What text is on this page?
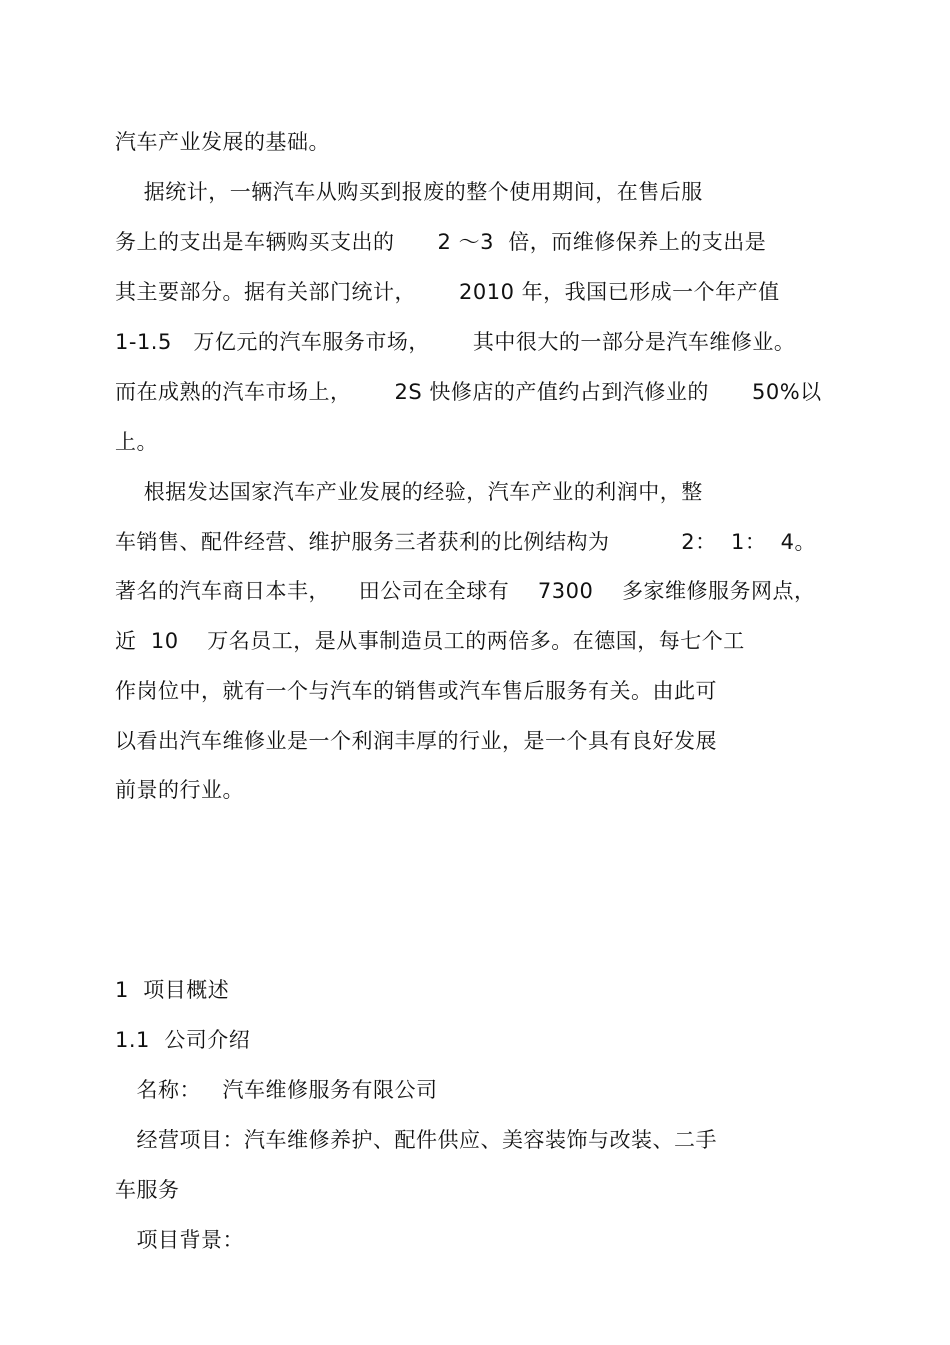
汽车产业发展的基础。
据统计，一辆汽车从购买到报废的整个使用期间，在售后服
务上的支出是车辆购买支出的      2 ～3  倍，而维修保养上的支出是
其主要部分。据有关部门统计，      2010 年，我国已形成一个年产值
1-1.5   万亿元的汽车服务市场，      其中很大的一部分是汽车维修业。
而在成熟的汽车市场上，      2S 快修店的产值约占到汽修业的      50%以
上。
根据发达国家汽车产业发展的经验，汽车产业的利润中，整
车销售、配件经营、维护服务三者获利的比例结构为          2：  1：  4。
著名的汽车商日本丰，    田公司在全球有    7300    多家维修服务网点，
近  10    万名员工，是从事制造员工的两倍多。在德国，每七个工
作岗位中，就有一个与汽车的销售或汽车售后服务有关。由此可
以看出汽车维修业是一个利润丰厚的行业，是一个具有良好发展
前景的行业。
1  项目概述
1.1  公司介绍
名称：   汽车维修服务有限公司
经营项目：汽车维修养护、配件供应、美容装饰与改装、二手
车服务
项目背景：
